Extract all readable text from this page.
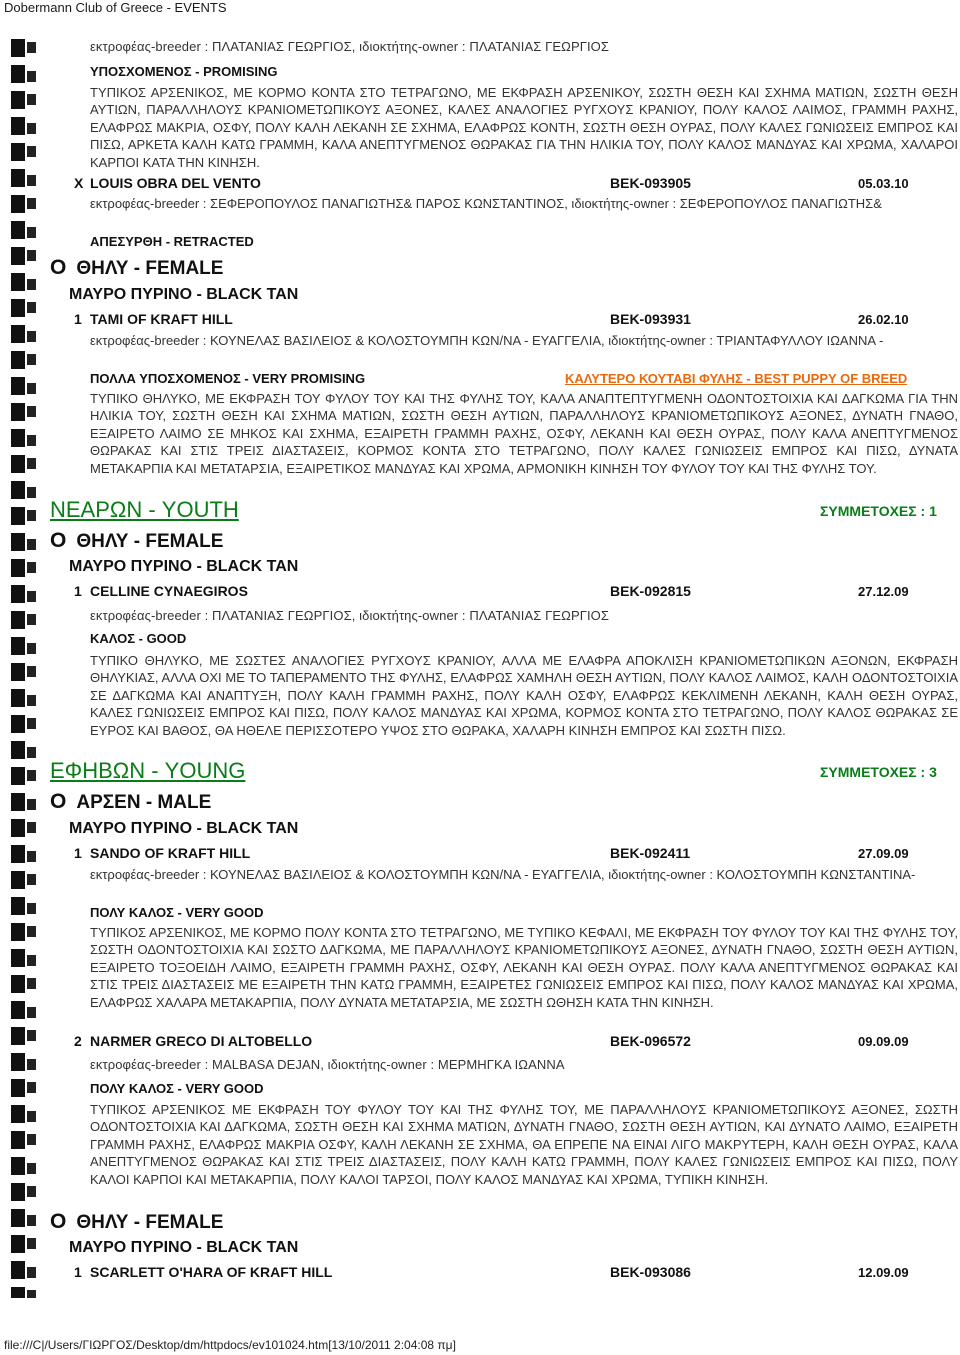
Dobermann Club of Greece - EVENTS
εκτροφέας-breeder : ΠΛΑΤΑΝΙΑΣ ΓΕΩΡΓΙΟΣ, ιδιοκτήτης-owner : ΠΛΑΤΑΝΙΑΣ ΓΕΩΡΓΙΟΣ
ΥΠΟΣΧΟΜΕΝΟΣ - PROMISING

ΤΥΠΙΚΟΣ ΑΡΣΕΝΙΚΟΣ, ΜΕ ΚΟΡΜΟ ΚΟΝΤΑ ΣΤΟ ΤΕΤΡΑΓΩΝΟ, ΜΕ ΕΚΦΡΑΣΗ ΑΡΣΕΝΙΚΟΥ, ΣΩΣΤΗ ΘΕΣΗ ΚΑΙ ΣΧΗΜΑ ΜΑΤΙΩΝ, ΣΩΣΤΗ ΘΕΣΗ ΑΥΤΙΩΝ, ΠΑΡΑΛΛΗΛΟΥΣ ΚΡΑΝΙΟΜΕΤΩΠΙΚΟΥΣ ΑΞΟΝΕΣ, ΚΑΛΕΣ ΑΝΑΛΟΓΙΕΣ ΡΥΓΧΟΥΣ ΚΡΑΝΙΟΥ, ΠΟΛΥ ΚΑΛΟΣ ΛΑΙΜΟΣ, ΓΡΑΜΜΗ ΡΑΧΗΣ, ΕΛΑΦΡΩΣ ΜΑΚΡΙΑ, ΟΣΦΥ, ΠΟΛΥ ΚΑΛΗ ΛΕΚΑΝΗ ΣΕ ΣΧΗΜΑ, ΕΛΑΦΡΩΣ ΚΟΝΤΗ, ΣΩΣΤΗ ΘΕΣΗ ΟΥΡΑΣ, ΠΟΛΥ ΚΑΛΕΣ ΓΩΝΙΩΣΕΙΣ ΕΜΠΡΟΣ ΚΑΙ ΠΙΣΩ, ΑΡΚΕΤΑ ΚΑΛΗ ΚΑΤΩ ΓΡΑΜΜΗ, ΚΑΛΑ ΑΝΕΠΤΥΓΜΕΝΟΣ ΘΩΡΑΚΑΣ ΓΙΑ ΤΗΝ ΗΛΙΚΙΑ ΤΟΥ, ΠΟΛΥ ΚΑΛΟΣ ΜΑΝΔΥΑΣ ΚΑΙ ΧΡΩΜΑ, ΧΑΛΑΡΟΙ ΚΑΡΠΟΙ ΚΑΤΑ ΤΗΝ ΚΙΝΗΣΗ.

X LOUIS OBRA DEL VENTO	BEK-093905	05.03.10

εκτροφέας-breeder : ΣΕΦΕΡΟΠΟΥΛΟΣ ΠΑΝΑΓΙΩΤΗΣ& ΠΑΡΟΣ ΚΩΝΣΤΑΝΤΙΝΟΣ, ιδιοκτήτης-owner : ΣΕΦΕΡΟΠΟΥΛΟΣ ΠΑΝΑΓΙΩΤΗΣ&

ΑΠΕΣΥΡΘΗ - RETRACTED
O ΘΗΛΥ - FEMALE
ΜΑΥΡΟ ΠΥΡΙΝΟ - BLACK TAN
1 TAMI OF KRAFT HILL	BEK-093931	26.02.10

εκτροφέας-breeder : ΚΟΥΝΕΛΑΣ ΒΑΣΙΛΕΙΟΣ & ΚΟΛΟΣΤΟΥΜΠΗ ΚΩΝ/ΝΑ - ΕΥΑΓΓΕΛΙΑ, ιδιοκτήτης-owner : ΤΡΙΑΝΤΑΦΥΛΛΟΥ ΙΩΑΝΝΑ -

ΠΟΛΛΑ ΥΠΟΣΧΟΜΕΝΟΣ - VERY PROMISING	ΚΑΛΥΤΕΡΟ ΚΟΥΤΑΒΙ ΦΥΛΗΣ - BEST PUPPY OF BREED

ΤΥΠΙΚΟ ΘΗΛΥΚΟ, ΜΕ ΕΚΦΡΑΣΗ ΤΟΥ ΦΥΛΟΥ ΤΟΥ ΚΑΙ ΤΗΣ ΦΥΛΗΣ ΤΟΥ, ΚΑΛΑ ΑΝΑΠΤΕΠΤΥΓΜΕΝΗ ΟΔΟΝΤΟΣΤΟΙΧΙΑ ΚΑΙ ΔΑΓΚΩΜΑ ΓΙΑ ΤΗΝ ΗΛΙΚΙΑ ΤΟΥ, ΣΩΣΤΗ ΘΕΣΗ ΚΑΙ ΣΧΗΜΑ ΜΑΤΙΩΝ, ΣΩΣΤΗ ΘΕΣΗ ΑΥΤΙΩΝ, ΠΑΡΑΛΛΗΛΟΥΣ ΚΡΑΝΙΟΜΕΤΩΠΙΚΟΥΣ ΑΞΟΝΕΣ, ΔΥΝΑΤΗ ΓΝΑΘΟ, ΕΞΑΙΡΕΤΟ ΛΑΙΜΟ ΣΕ ΜΗΚΟΣ ΚΑΙ ΣΧΗΜΑ, ΕΞΑΙΡΕΤΗ ΓΡΑΜΜΗ ΡΑΧΗΣ, ΟΣΦΥ, ΛΕΚΑΝΗ ΚΑΙ ΘΕΣΗ ΟΥΡΑΣ, ΠΟΛΥ ΚΑΛΑ ΑΝΕΠΤΥΓΜΕΝΟΣ ΘΩΡΑΚΑΣ ΚΑΙ ΣΤΙΣ ΤΡΕΙΣ ΔΙΑΣΤΑΣΕΙΣ, ΚΟΡΜΟΣ ΚΟΝΤΑ ΣΤΟ ΤΕΤΡΑΓΩΝΟ, ΠΟΛΥ ΚΑΛΕΣ ΓΩΝΙΩΣΕΙΣ ΕΜΠΡΟΣ ΚΑΙ ΠΙΣΩ, ΔΥΝΑΤΑ ΜΕΤΑΚΑΡΠΙΑ ΚΑΙ ΜΕΤΑΤΑΡΣΙΑ, ΕΞΑΙΡΕΤΙΚΟΣ ΜΑΝΔΥΑΣ ΚΑΙ ΧΡΩΜΑ, ΑΡΜΟΝΙΚΗ ΚΙΝΗΣΗ ΤΟΥ ΦΥΛΟΥ ΤΟΥ ΚΑΙ ΤΗΣ ΦΥΛΗΣ ΤΟΥ.

ΝΕΑΡΩΝ - YOUTH	ΣΥΜΜΕΤΟΧΕΣ : 1
O ΘΗΛΥ - FEMALE
ΜΑΥΡΟ ΠΥΡΙΝΟ - BLACK TAN
1 CELLINE CYNAEGIROS	BEK-092815	27.12.09
εκτροφέας-breeder : ΠΛΑΤΑΝΙΑΣ ΓΕΩΡΓΙΟΣ, ιδιοκτήτης-owner : ΠΛΑΤΑΝΙΑΣ ΓΕΩΡΓΙΟΣ
ΚΑΛΟΣ - GOOD

ΤΥΠΙΚΟ ΘΗΛΥΚΟ, ΜΕ ΣΩΣΤΕΣ ΑΝΑΛΟΓΙΕΣ ΡΥΓΧΟΥΣ ΚΡΑΝΙΟΥ, ΑΛΛΑ ΜΕ ΕΛΑΦΡΑ ΑΠΟΚΛΙΣΗ ΚΡΑΝΙΟΜΕΤΩΠΙΚΩΝ ΑΞΟΝΩΝ, ΕΚΦΡΑΣΗ ΘΗΛΥΚΙΑΣ, ΑΛΛΑ ΟΧΙ ΜΕ ΤΟ ΤΑΠΕΡΑΜΕΝΤΟ ΤΗΣ ΦΥΛΗΣ, ΕΛΑΦΡΩΣ ΧΑΜΗΛΗ ΘΕΣΗ ΑΥΤΙΩΝ, ΠΟΛΥ ΚΑΛΟΣ ΛΑΙΜΟΣ, ΚΑΛΗ ΟΔΟΝΤΟΣΤΟΙΧΙΑ ΣΕ ΔΑΓΚΩΜΑ ΚΑΙ ΑΝΑΠΤΥΞΗ, ΠΟΛΥ ΚΑΛΗ ΓΡΑΜΜΗ ΡΑΧΗΣ, ΠΟΛΥ ΚΑΛΗ ΟΣΦΥ, ΕΛΑΦΡΩΣ ΚΕΚΛΙΜΕΝΗ ΛΕΚΑΝΗ, ΚΑΛΗ ΘΕΣΗ ΟΥΡΑΣ, ΚΑΛΕΣ ΓΩΝΙΩΣΕΙΣ ΕΜΠΡΟΣ ΚΑΙ ΠΙΣΩ, ΠΟΛΥ ΚΑΛΟΣ ΜΑΝΔΥΑΣ ΚΑΙ ΧΡΩΜΑ, ΚΟΡΜΟΣ ΚΟΝΤΑ ΣΤΟ ΤΕΤΡΑΓΩΝΟ, ΠΟΛΥ ΚΑΛΟΣ ΘΩΡΑΚΑΣ ΣΕ ΕΥΡΟΣ ΚΑΙ ΒΑΘΟΣ, ΘΑ ΗΘΕΛΕ ΠΕΡΙΣΣΟΤΕΡΟ ΥΨΟΣ ΣΤΟ ΘΩΡΑΚΑ, ΧΑΛΑΡΗ ΚΙΝΗΣΗ ΕΜΠΡΟΣ ΚΑΙ ΣΩΣΤΗ ΠΙΣΩ.

ΕΦΗΒΩΝ - YOUNG	ΣΥΜΜΕΤΟΧΕΣ : 3
O ΑΡΣΕΝ - MALE
ΜΑΥΡΟ ΠΥΡΙΝΟ - BLACK TAN
1 SANDO OF KRAFT HILL	BEK-092411	27.09.09

εκτροφέας-breeder : ΚΟΥΝΕΛΑΣ ΒΑΣΙΛΕΙΟΣ & ΚΟΛΟΣΤΟΥΜΠΗ ΚΩΝ/ΝΑ - ΕΥΑΓΓΕΛΙΑ, ιδιοκτήτης-owner : ΚΟΛΟΣΤΟΥΜΠΗ ΚΩΝΣΤΑΝΤΙΝΑ-

ΠΟΛΥ ΚΑΛΟΣ - VERY GOOD

ΤΥΠΙΚΟΣ ΑΡΣΕΝΙΚΟΣ, ΜΕ ΚΟΡΜΟ ΠΟΛΥ ΚΟΝΤΑ ΣΤΟ ΤΕΤΡΑΓΩΝΟ, ΜΕ ΤΥΠΙΚΟ ΚΕΦΑΛΙ, ΜΕ ΕΚΦΡΑΣΗ ΤΟΥ ΦΥΛΟΥ ΤΟΥ ΚΑΙ ΤΗΣ ΦΥΛΗΣ ΤΟΥ, ΣΩΣΤΗ ΟΔΟΝΤΟΣΤΟΙΧΙΑ ΚΑΙ ΣΩΣΤΟ ΔΑΓΚΩΜΑ, ΜΕ ΠΑΡΑΛΛΗΛΟΥΣ ΚΡΑΝΙΟΜΕΤΩΠΙΚΟΥΣ ΑΞΟΝΕΣ, ΔΥΝΑΤΗ ΓΝΑΘΟ, ΣΩΣΤΗ ΘΕΣΗ ΑΥΤΙΩΝ, ΕΞΑΙΡΕΤΟ ΤΟΞΟΕΙΔΗ ΛΑΙΜΟ, ΕΞΑΙΡΕΤΗ ΓΡΑΜΜΗ ΡΑΧΗΣ, ΟΣΦΥ, ΛΕΚΑΝΗ ΚΑΙ ΘΕΣΗ ΟΥΡΑΣ. ΠΟΛΥ ΚΑΛΑ ΑΝΕΠΤΥΓΜΕΝΟΣ ΘΩΡΑΚΑΣ ΚΑΙ ΣΤΙΣ ΤΡΕΙΣ ΔΙΑΣΤΑΣΕΙΣ ΜΕ ΕΞΑΙΡΕΤΗ ΤΗΝ ΚΑΤΩ ΓΡΑΜΜΗ, ΕΞΑΙΡΕΤΕΣ ΓΩΝΙΩΣΕΙΣ ΕΜΠΡΟΣ ΚΑΙ ΠΙΣΩ, ΠΟΛΥ ΚΑΛΟΣ ΜΑΝΔΥΑΣ ΚΑΙ ΧΡΩΜΑ, ΕΛΑΦΡΩΣ ΧΑΛΑΡΑ ΜΕΤΑΚΑΡΠΙΑ, ΠΟΛΥ ΔΥΝΑΤΑ ΜΕΤΑΤΑΡΣΙΑ, ΜΕ ΣΩΣΤΗ ΩΘΗΣΗ ΚΑΤΑ ΤΗΝ ΚΙΝΗΣΗ.

2 NARMER GRECO DI ALTOBELLO	BEK-096572	09.09.09
εκτροφέας-breeder : MALBASA DEJAN, ιδιοκτήτης-owner : ΜΕΡΜΗΓΚΑ ΙΩΑΝΝΑ
ΠΟΛΥ ΚΑΛΟΣ - VERY GOOD

ΤΥΠΙΚΟΣ ΑΡΣΕΝΙΚΟΣ ΜΕ ΕΚΦΡΑΣΗ ΤΟΥ ΦΥΛΟΥ ΤΟΥ ΚΑΙ ΤΗΣ ΦΥΛΗΣ ΤΟΥ, ΜΕ ΠΑΡΑΛΛΗΛΟΥΣ ΚΡΑΝΙΟΜΕΤΩΠΙΚΟΥΣ ΑΞΟΝΕΣ, ΣΩΣΤΗ ΟΔΟΝΤΟΣΤΟΙΧΙΑ ΚΑΙ ΔΑΓΚΩΜΑ, ΣΩΣΤΗ ΘΕΣΗ ΚΑΙ ΣΧΗΜΑ ΜΑΤΙΩΝ, ΔΥΝΑΤΗ ΓΝΑΘΟ, ΣΩΣΤΗ ΘΕΣΗ ΑΥΤΙΩΝ, ΚΑΙ ΔΥΝΑΤΟ ΛΑΙΜΟ, ΕΞΑΙΡΕΤΗ ΓΡΑΜΜΗ ΡΑΧΗΣ, ΕΛΑΦΡΩΣ ΜΑΚΡΙΑ ΟΣΦΥ, ΚΑΛΗ ΛΕΚΑΝΗ ΣΕ ΣΧΗΜΑ, ΘΑ ΕΠΡΕΠΕ ΝΑ ΕΙΝΑΙ ΛΙΓΟ ΜΑΚΡΥΤΕΡΗ, ΚΑΛΗ ΘΕΣΗ ΟΥΡΑΣ, ΚΑΛΑ ΑΝΕΠΤΥΓΜΕΝΟΣ ΘΩΡΑΚΑΣ ΚΑΙ ΣΤΙΣ ΤΡΕΙΣ ΔΙΑΣΤΑΣΕΙΣ, ΠΟΛΥ ΚΑΛΗ ΚΑΤΩ ΓΡΑΜΜΗ, ΠΟΛΥ ΚΑΛΕΣ ΓΩΝΙΩΣΕΙΣ ΕΜΠΡΟΣ ΚΑΙ ΠΙΣΩ, ΠΟΛΥ ΚΑΛΟΙ ΚΑΡΠΟΙ ΚΑΙ ΜΕΤΑΚΑΡΠΙΑ, ΠΟΛΥ ΚΑΛΟΙ ΤΑΡΣΟΙ, ΠΟΛΥ ΚΑΛΟΣ ΜΑΝΔΥΑΣ ΚΑΙ ΧΡΩΜΑ, ΤΥΠΙΚΗ ΚΙΝΗΣΗ.

O ΘΗΛΥ - FEMALE
ΜΑΥΡΟ ΠΥΡΙΝΟ - BLACK TAN
1 SCARLETT O'HARA OF KRAFT HILL	BEK-093086	12.09.09
file:///C|/Users/ΓΙΩΡΓΟΣ/Desktop/dm/httpdocs/ev101024.htm[13/10/2011 2:04:08 πμ]
